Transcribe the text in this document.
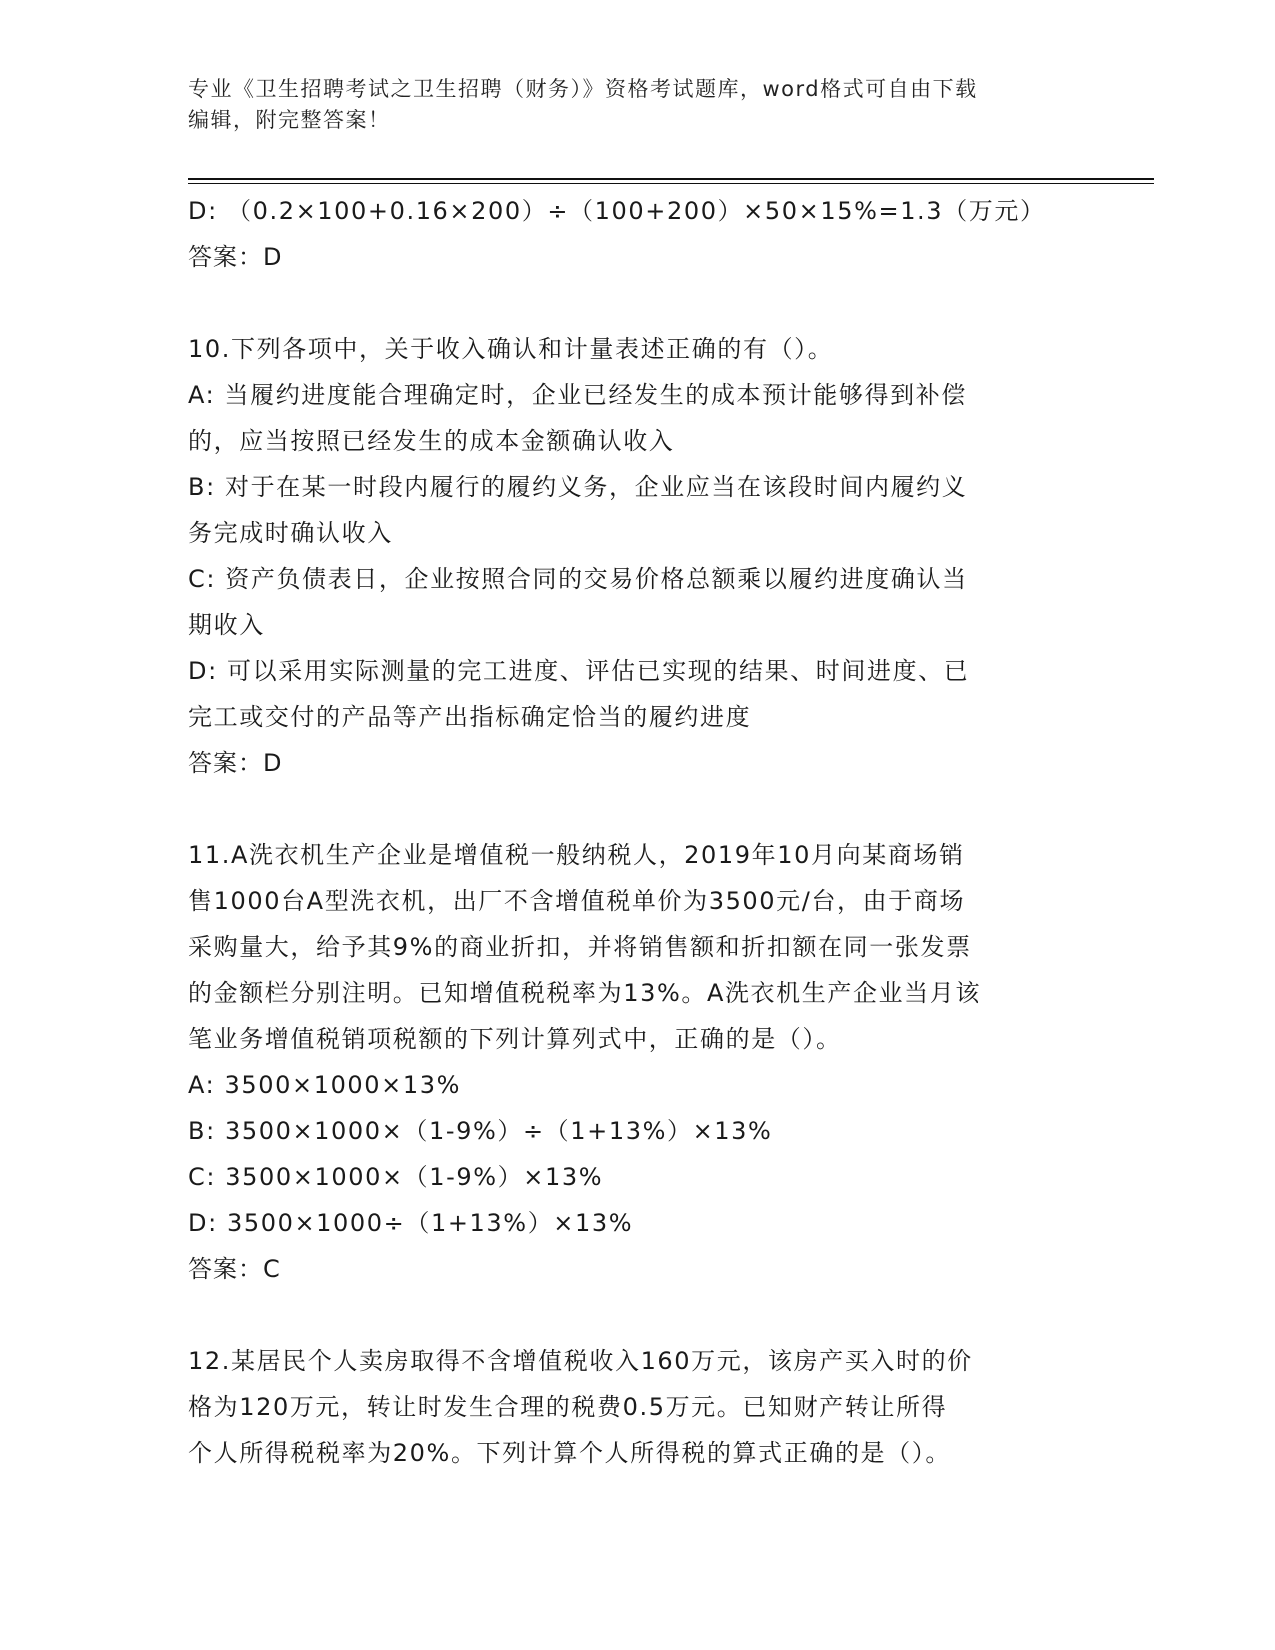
专业《卫生招聘考试之卫生招聘（财务）》资格考试题库，word格式可自由下载
编辑，附完整答案！
D: （0.2×100+0.16×200）÷（100+200）×50×15%=1.3（万元）
答案：D
10.下列各项中，关于收入确认和计量表述正确的有（）。
A: 当履约进度能合理确定时，企业已经发生的成本预计能够得到补偿
的，应当按照已经发生的成本金额确认收入
B: 对于在某一时段内履行的履约义务，企业应当在该段时间内履约义
务完成时确认收入
C: 资产负债表日，企业按照合同的交易价格总额乘以履约进度确认当
期收入
D: 可以采用实际测量的完工进度、评估已实现的结果、时间进度、已
完工或交付的产品等产出指标确定恰当的履约进度
答案：D
11.A洗衣机生产企业是增值税一般纳税人，2019年10月向某商场销
售1000台A型洗衣机，出厂不含增值税单价为3500元/台，由于商场
采购量大，给予其9%的商业折扣，并将销售额和折扣额在同一张发票
的金额栏分别注明。已知增值税税率为13%。A洗衣机生产企业当月该
笔业务增值税销项税额的下列计算列式中，正确的是（）。
A: 3500×1000×13%
B: 3500×1000×（1-9%）÷（1+13%）×13%
C: 3500×1000×（1-9%）×13%
D: 3500×1000÷（1+13%）×13%
答案：C
12.某居民个人卖房取得不含增值税收入160万元，该房产买入时的价
格为120万元，转让时发生合理的税费0.5万元。已知财产转让所得
个人所得税税率为20%。下列计算个人所得税的算式正确的是（）。
